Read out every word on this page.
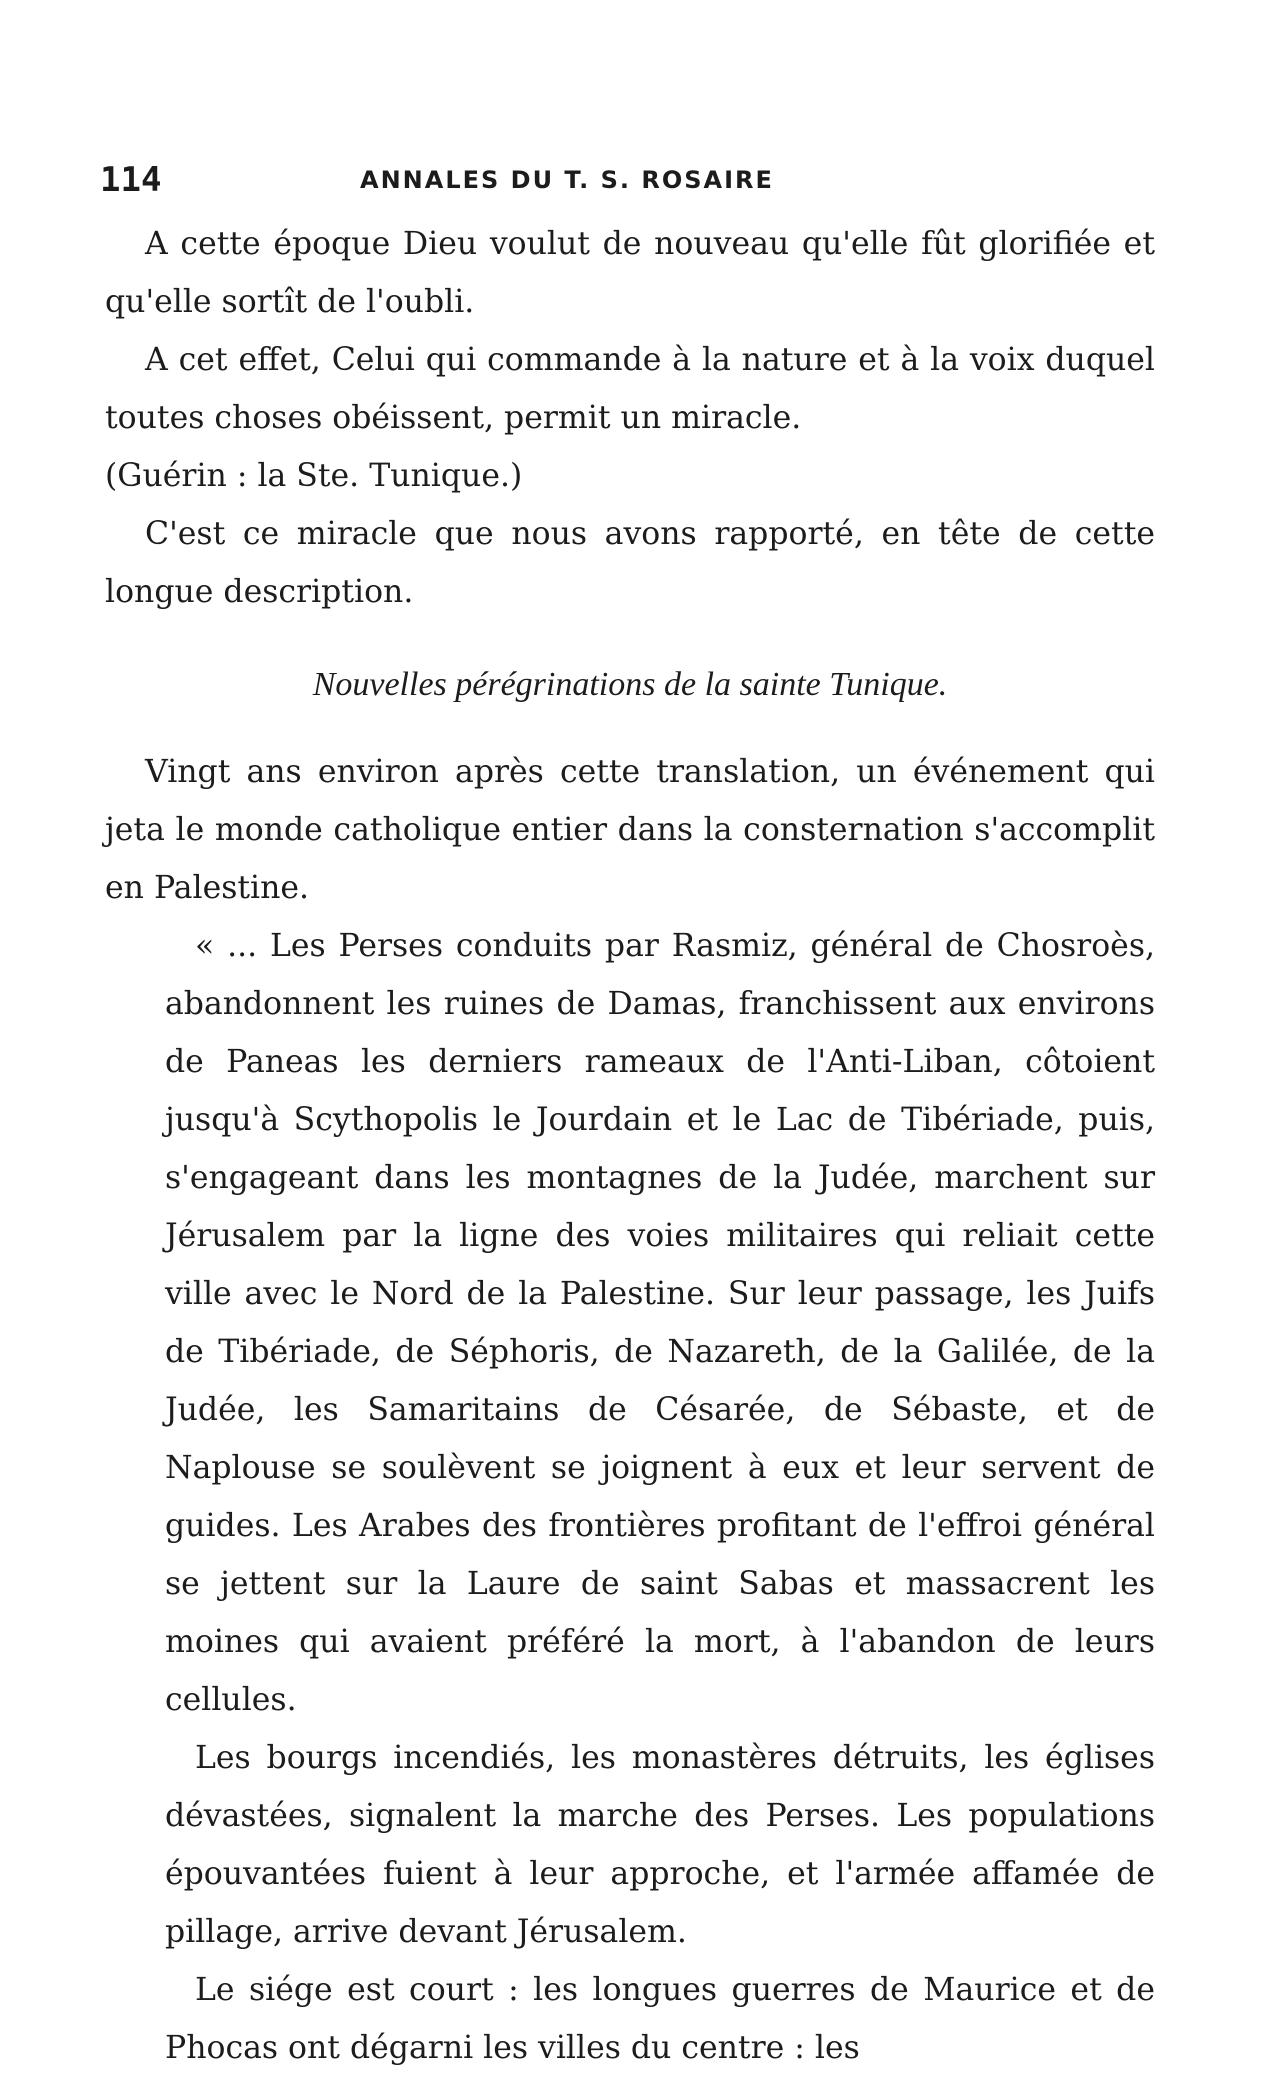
114	ANNALES DU T. S. ROSAIRE

A cette époque Dieu voulut de nouveau qu'elle fût glorifiée et qu'elle sortît de l'oubli.

A cet effet, Celui qui commande à la nature et à la voix duquel toutes choses obéissent, permit un miracle.

(Guérin : la Ste. Tunique.)

C'est ce miracle que nous avons rapporté, en tête de cette longue description.

Nouvelles pérégrinations de la sainte Tunique.

Vingt ans environ après cette translation, un événement qui jeta le monde catholique entier dans la consternation s'accomplit en Palestine.

« ... Les Perses conduits par Rasmiz, général de Chosroès, abandonnent les ruines de Damas, franchissent aux environs de Paneas les derniers rameaux de l'Anti-Liban, côtoient jusqu'à Scythopolis le Jourdain et le Lac de Tibériade, puis, s'engageant dans les montagnes de la Judée, marchent sur Jérusalem par la ligne des voies militaires qui reliait cette ville avec le Nord de la Palestine. Sur leur passage, les Juifs de Tibériade, de Séphoris, de Nazareth, de la Galilée, de la Judée, les Samaritains de Césarée, de Sébaste, et de Naplouse se soulèvent se joignent à eux et leur servent de guides. Les Arabes des frontières profitant de l'effroi général se jettent sur la Laure de saint Sabas et massacrent les moines qui avaient préféré la mort, à l'abandon de leurs cellules.

Les bourgs incendiés, les monastères détruits, les églises dévastées, signalent la marche des Perses. Les populations épouvantées fuient à leur approche, et l'armée affamée de pillage, arrive devant Jérusalem.

Le siége est court : les longues guerres de Maurice et de Phocas ont dégarni les villes du centre : les
